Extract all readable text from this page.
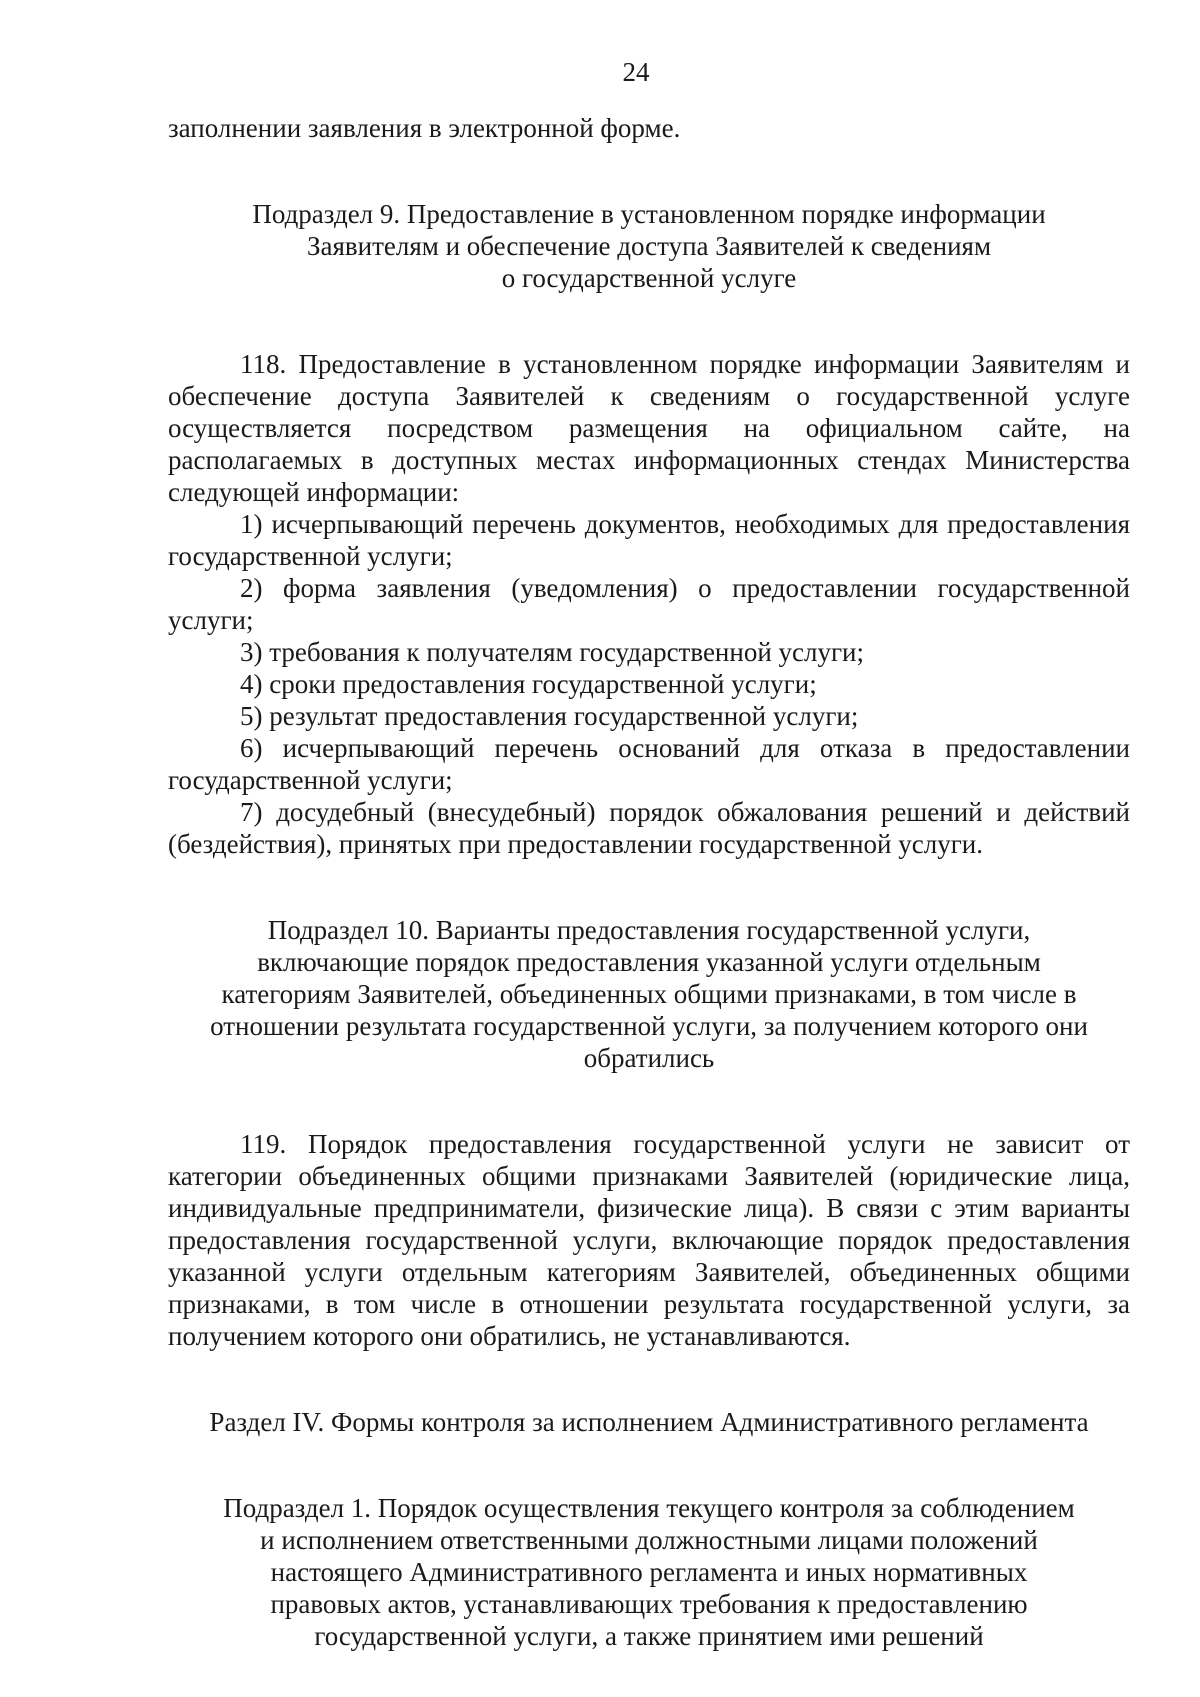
24

заполнении заявления в электронной форме.

Подраздел 9. Предоставление в установленном порядке информации
Заявителям и обеспечение доступа Заявителей к сведениям
о государственной услуге

118. Предоставление в установленном порядке информации Заявителям и обеспечение доступа Заявителей к сведениям о государственной услуге осуществляется посредством размещения на официальном сайте, на располагаемых в доступных местах информационных стендах Министерства следующей информации:

1) исчерпывающий перечень документов, необходимых для предоставления государственной услуги;

2) форма заявления (уведомления) о предоставлении государственной услуги;

3) требования к получателям государственной услуги;

4) сроки предоставления государственной услуги;

5) результат предоставления государственной услуги;

6) исчерпывающий перечень оснований для отказа в предоставлении государственной услуги;

7) досудебный (внесудебный) порядок обжалования решений и действий (бездействия), принятых при предоставлении государственной услуги.

Подраздел 10. Варианты предоставления государственной услуги,
включающие порядок предоставления указанной услуги отдельным
категориям Заявителей, объединенных общими признаками, в том числе в
отношении результата государственной услуги, за получением которого они
обратились

119. Порядок предоставления государственной услуги не зависит от категории объединенных общими признаками Заявителей (юридические лица, индивидуальные предприниматели, физические лица). В связи с этим варианты предоставления государственной услуги, включающие порядок предоставления указанной услуги отдельным категориям Заявителей, объединенных общими признаками, в том числе в отношении результата государственной услуги, за получением которого они обратились, не устанавливаются.

Раздел IV. Формы контроля за исполнением Административного регламента
Подраздел 1. Порядок осуществления текущего контроля за соблюдением
и исполнением ответственными должностными лицами положений
настоящего Административного регламента и иных нормативных
правовых актов, устанавливающих требования к предоставлению
государственной услуги, а также принятием ими решений
